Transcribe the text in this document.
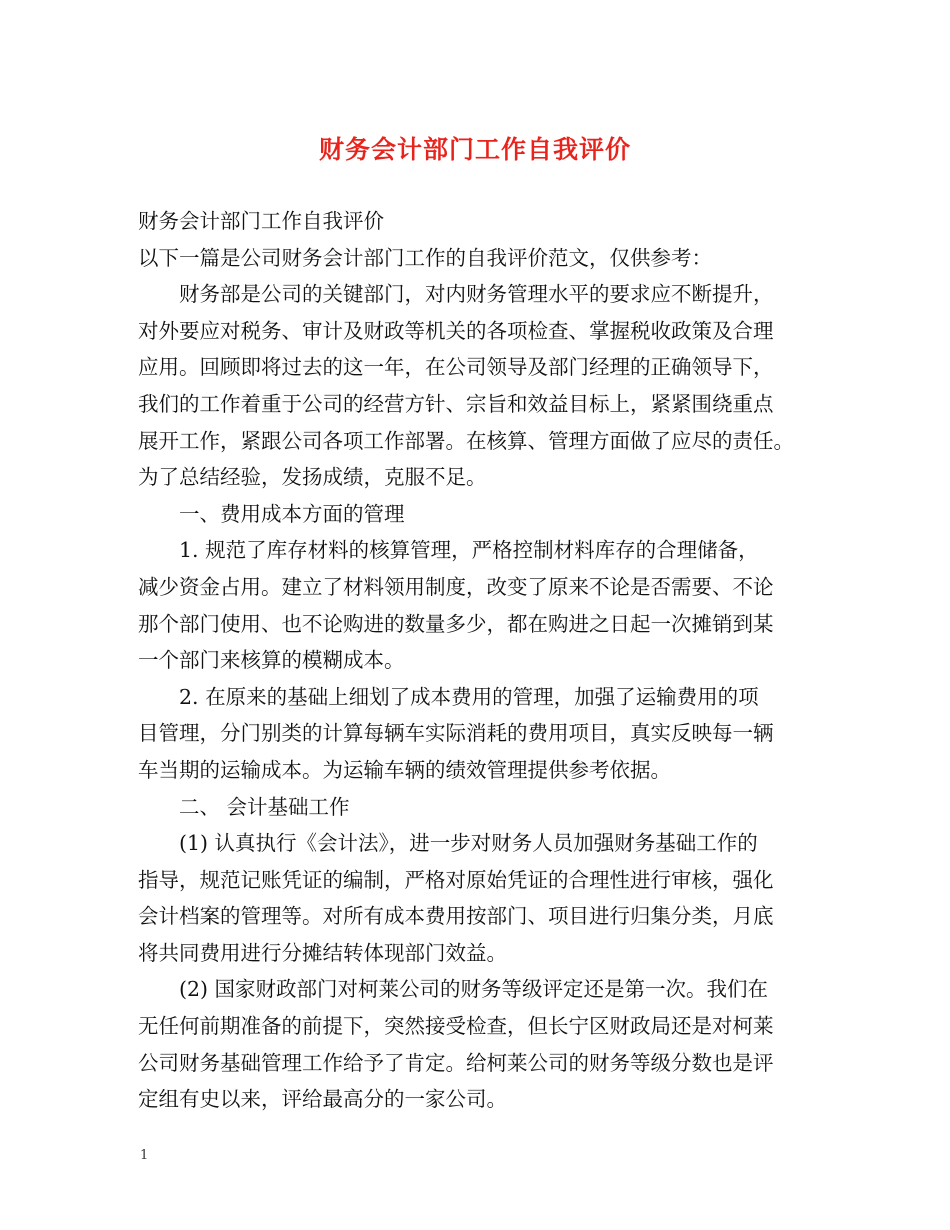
财务会计部门工作自我评价
财务会计部门工作自我评价
以下一篇是公司财务会计部门工作的自我评价范文，仅供参考：
财务部是公司的关键部门，对内财务管理水平的要求应不断提升，
对外要应对税务、审计及财政等机关的各项检查、掌握税收政策及合理
应用。回顾即将过去的这一年，在公司领导及部门经理的正确领导下，
我们的工作着重于公司的经营方针、宗旨和效益目标上，紧紧围绕重点
展开工作，紧跟公司各项工作部署。在核算、管理方面做了应尽的责任。
为了总结经验，发扬成绩，克服不足。
一、费用成本方面的管理
1. 规范了库存材料的核算管理，严格控制材料库存的合理储备，
减少资金占用。建立了材料领用制度，改变了原来不论是否需要、不论
那个部门使用、也不论购进的数量多少，都在购进之日起一次摊销到某
一个部门来核算的模糊成本。
2. 在原来的基础上细划了成本费用的管理，加强了运输费用的项
目管理，分门别类的计算每辆车实际消耗的费用项目，真实反映每一辆
车当期的运输成本。为运输车辆的绩效管理提供参考依据。
二、 会计基础工作
(1) 认真执行《会计法》，进一步对财务人员加强财务基础工作的
指导，规范记账凭证的编制，严格对原始凭证的合理性进行审核，强化
会计档案的管理等。对所有成本费用按部门、项目进行归集分类，月底
将共同费用进行分摊结转体现部门效益。
(2) 国家财政部门对柯莱公司的财务等级评定还是第一次。我们在
无任何前期准备的前提下，突然接受检查，但长宁区财政局还是对柯莱
公司财务基础管理工作给予了肯定。给柯莱公司的财务等级分数也是评
定组有史以来，评给最高分的一家公司。
1
